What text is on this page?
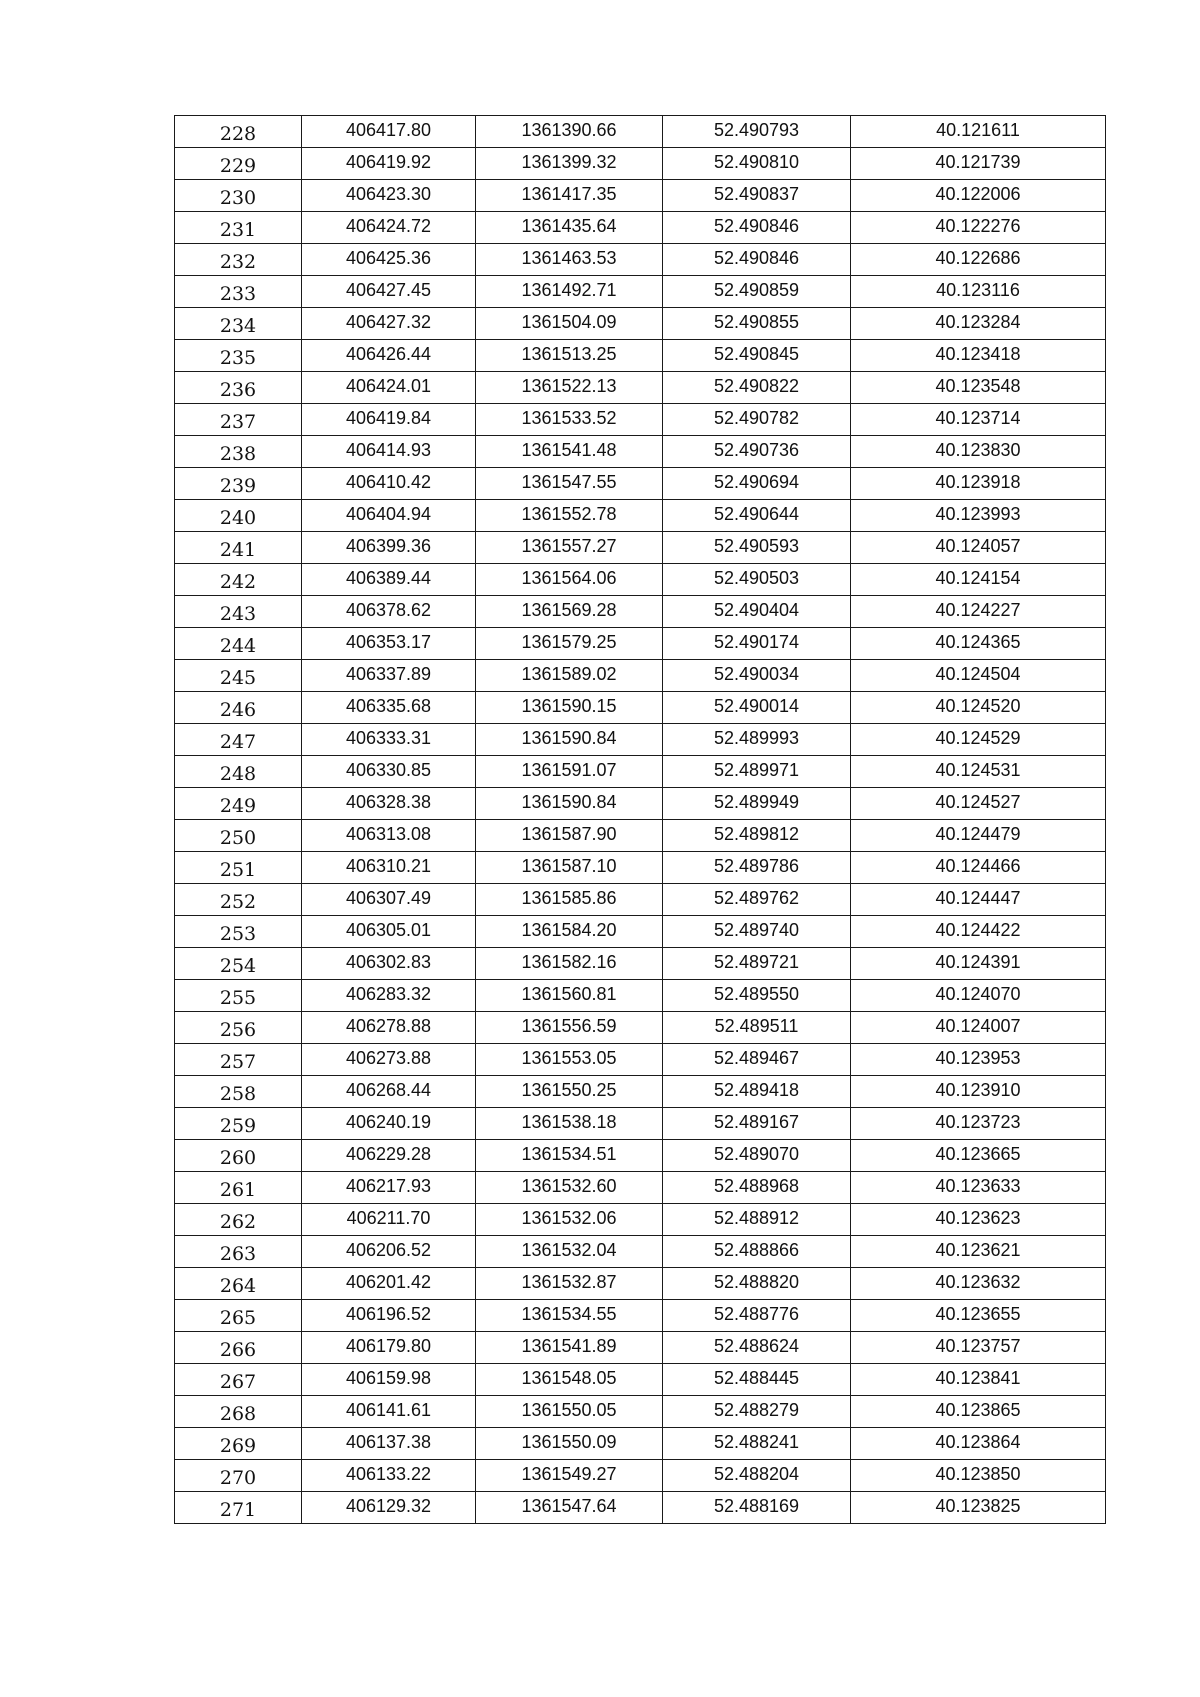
228	406417.80	1361390.66	52.490793	40.121611
229	406419.92	1361399.32	52.490810	40.121739
230	406423.30	1361417.35	52.490837	40.122006
231	406424.72	1361435.64	52.490846	40.122276
232	406425.36	1361463.53	52.490846	40.122686
233	406427.45	1361492.71	52.490859	40.123116
234	406427.32	1361504.09	52.490855	40.123284
235	406426.44	1361513.25	52.490845	40.123418
236	406424.01	1361522.13	52.490822	40.123548
237	406419.84	1361533.52	52.490782	40.123714
238	406414.93	1361541.48	52.490736	40.123830
239	406410.42	1361547.55	52.490694	40.123918
240	406404.94	1361552.78	52.490644	40.123993
241	406399.36	1361557.27	52.490593	40.124057
242	406389.44	1361564.06	52.490503	40.124154
243	406378.62	1361569.28	52.490404	40.124227
244	406353.17	1361579.25	52.490174	40.124365
245	406337.89	1361589.02	52.490034	40.124504
246	406335.68	1361590.15	52.490014	40.124520
247	406333.31	1361590.84	52.489993	40.124529
248	406330.85	1361591.07	52.489971	40.124531
249	406328.38	1361590.84	52.489949	40.124527
250	406313.08	1361587.90	52.489812	40.124479
251	406310.21	1361587.10	52.489786	40.124466
252	406307.49	1361585.86	52.489762	40.124447
253	406305.01	1361584.20	52.489740	40.124422
254	406302.83	1361582.16	52.489721	40.124391
255	406283.32	1361560.81	52.489550	40.124070
256	406278.88	1361556.59	52.489511	40.124007
257	406273.88	1361553.05	52.489467	40.123953
258	406268.44	1361550.25	52.489418	40.123910
259	406240.19	1361538.18	52.489167	40.123723
260	406229.28	1361534.51	52.489070	40.123665
261	406217.93	1361532.60	52.488968	40.123633
262	406211.70	1361532.06	52.488912	40.123623
263	406206.52	1361532.04	52.488866	40.123621
264	406201.42	1361532.87	52.488820	40.123632
265	406196.52	1361534.55	52.488776	40.123655
266	406179.80	1361541.89	52.488624	40.123757
267	406159.98	1361548.05	52.488445	40.123841
268	406141.61	1361550.05	52.488279	40.123865
269	406137.38	1361550.09	52.488241	40.123864
270	406133.22	1361549.27	52.488204	40.123850
271	406129.32	1361547.64	52.488169	40.123825
